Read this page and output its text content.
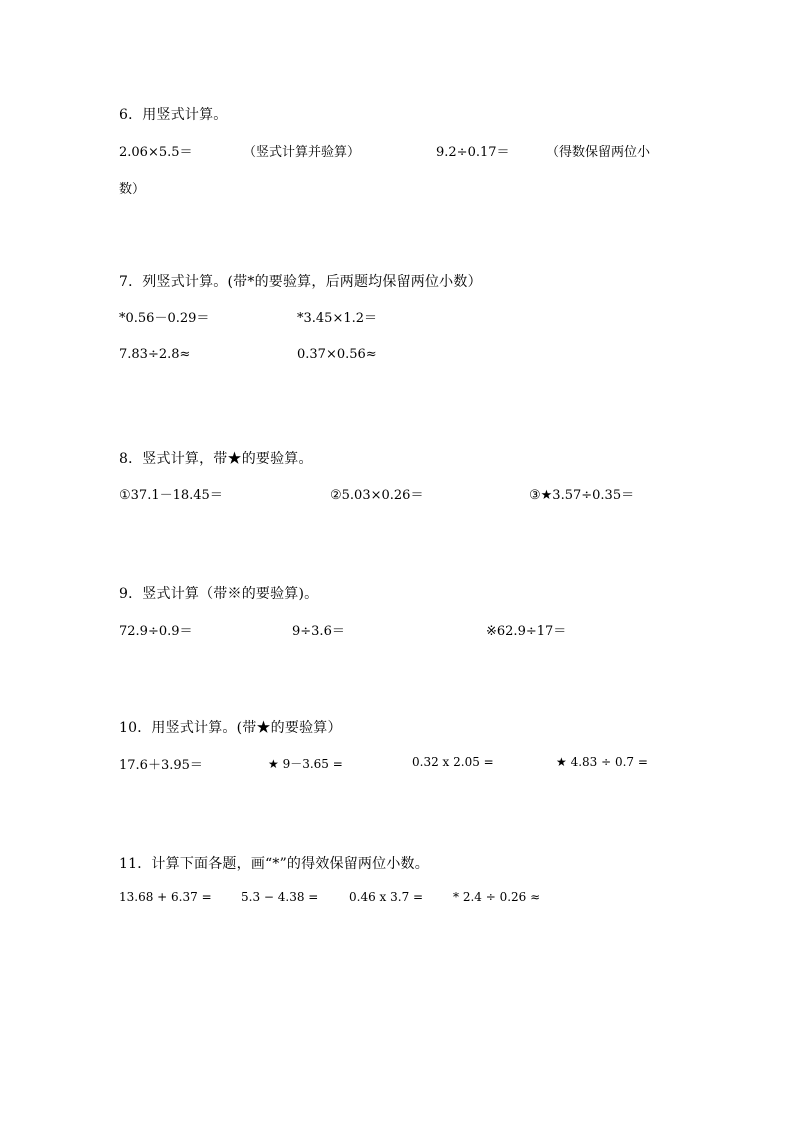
6．用竖式计算。
2.06×5.5＝	（竖式计算并验算）	9.2÷0.17＝	（得数保留两位小
数）
7．列竖式计算。(带*的要验算，后两题均保留两位小数）
*0.56－0.29＝	*3.45×1.2＝
7.83÷2.8≈	0.37×0.56≈
8．竖式计算，带★的要验算。
①37.1－18.45＝	②5.03×0.26＝	③★3.57÷0.35＝
9．竖式计算（带※的要验算)。
72.9÷0.9＝	9÷3.6＝	※62.9÷17＝
10．用竖式计算。(带★的要验算）
17.6＋3.95＝	★ 9－3.65 =	0.32 x 2.05 =	★ 4.83 ÷ 0.7 =
11．计算下面各题，画“*”的得效保留两位小数。
13.68 + 6.37 = 5.3 − 4.38 =	0.46 x 3.7 = * 2.4 ÷ 0.26 ≈
